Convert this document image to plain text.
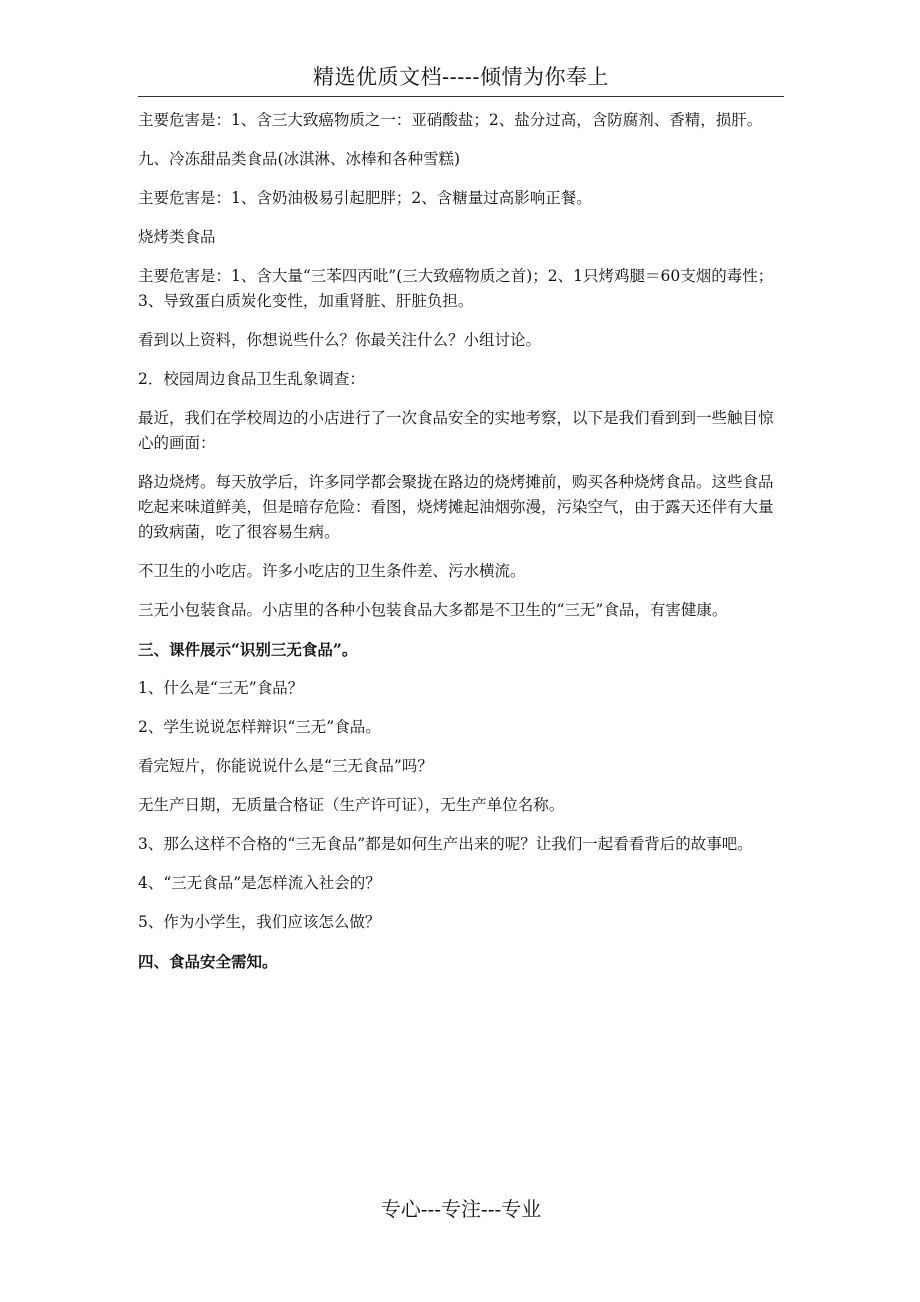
精选优质文档-----倾情为你奉上

主要危害是：1、含三大致癌物质之一：亚硝酸盐；2、盐分过高，含防腐剂、香精，损肝。

九、冷冻甜品类食品(冰淇淋、冰棒和各种雪糕)

主要危害是：1、含奶油极易引起肥胖；2、含糖量过高影响正餐。

烧烤类食品

主要危害是：1、含大量“三苯四丙吡”(三大致癌物质之首)；2、1只烤鸡腿＝60支烟的毒性；3、导致蛋白质炭化变性，加重肾脏、肝脏负担。

看到以上资料，你想说些什么？你最关注什么？小组讨论。

2．校园周边食品卫生乱象调查：

最近，我们在学校周边的小店进行了一次食品安全的实地考察，以下是我们看到到一些触目惊心的画面：

路边烧烤。每天放学后，许多同学都会聚拢在路边的烧烤摊前，购买各种烧烤食品。这些食品吃起来味道鲜美，但是暗存危险：看图，烧烤摊起油烟弥漫，污染空气，由于露天还伴有大量的致病菌，吃了很容易生病。

不卫生的小吃店。许多小吃店的卫生条件差、污水横流。

三无小包装食品。小店里的各种小包装食品大多都是不卫生的“三无”食品，有害健康。

三、课件展示“识别三无食品”。

1、什么是“三无”食品？

2、学生说说怎样辩识“三无”食品。

看完短片，你能说说什么是“三无食品”吗？

无生产日期，无质量合格证（生产许可证），无生产单位名称。

3、那么这样不合格的“三无食品”都是如何生产出来的呢？让我们一起看看背后的故事吧。

4、“三无食品”是怎样流入社会的？

5、作为小学生，我们应该怎么做？

四、食品安全需知。

专心---专注---专业
